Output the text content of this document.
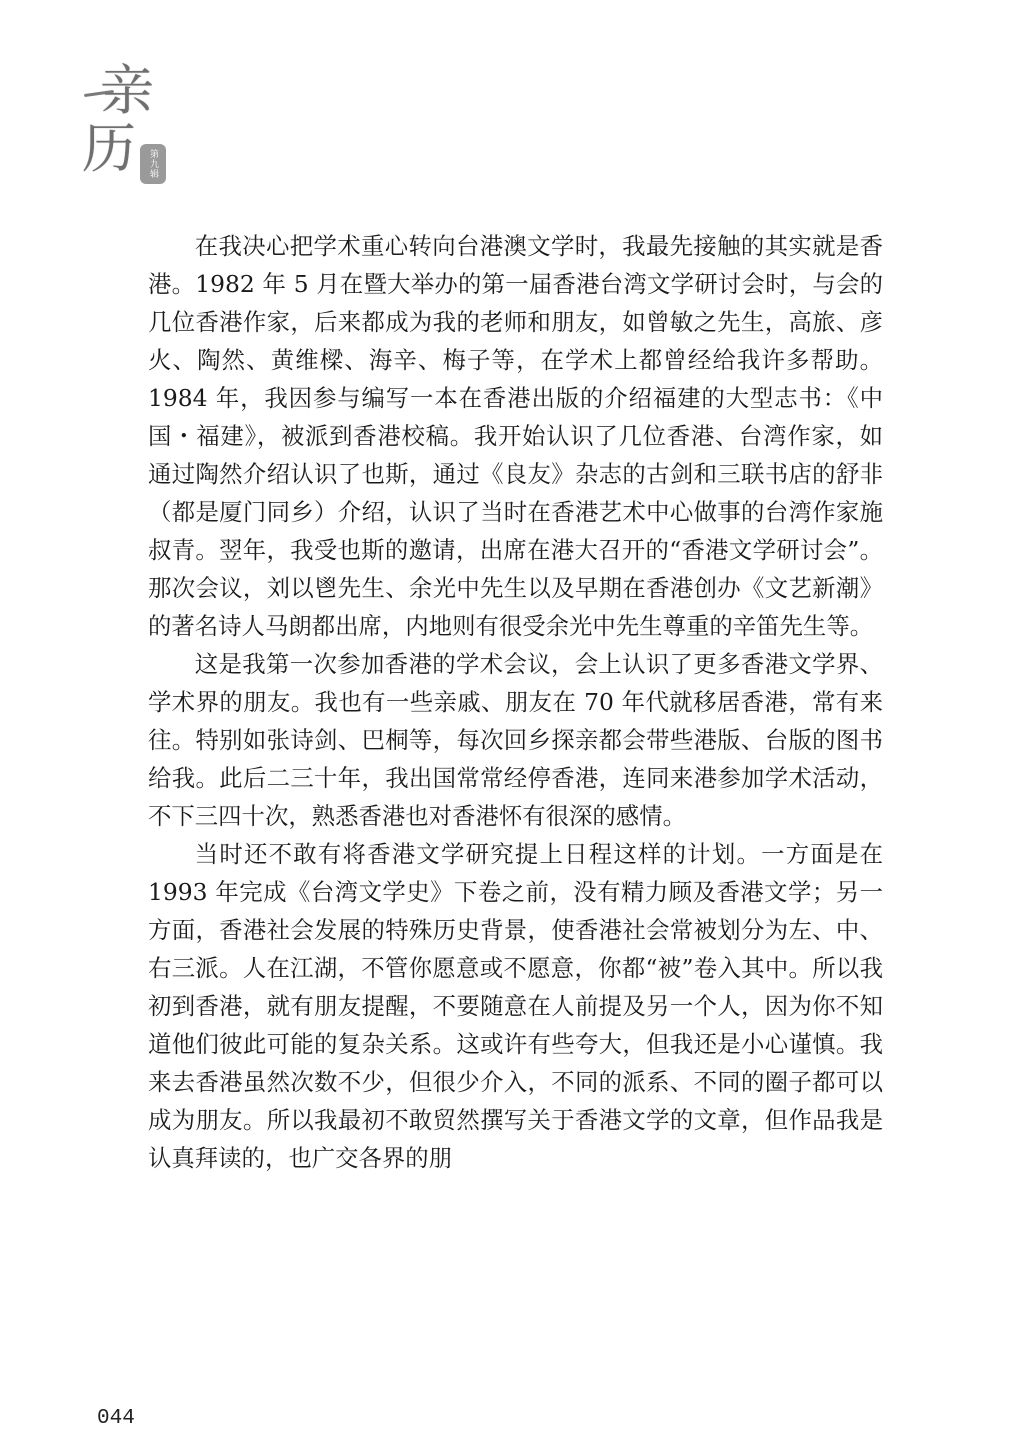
亲
历	第九辑

在我决心把学术重心转向台港澳文学时，我最先接触的其实就是香港。1982 年 5 月在暨大举办的第一届香港台湾文学研讨会时，与会的几位香港作家，后来都成为我的老师和朋友，如曾敏之先生，高旅、彦火、陶然、黄维樑、海辛、梅子等，在学术上都曾经给我许多帮助。1984 年，我因参与编写一本在香港出版的介绍福建的大型志书：《中国・福建》，被派到香港校稿。我开始认识了几位香港、台湾作家，如通过陶然介绍认识了也斯，通过《良友》杂志的古剑和三联书店的舒非（都是厦门同乡）介绍，认识了当时在香港艺术中心做事的台湾作家施叔青。翌年，我受也斯的邀请，出席在港大召开的“香港文学研讨会”。那次会议，刘以鬯先生、余光中先生以及早期在香港创办《文艺新潮》的著名诗人马朗都出席，内地则有很受余光中先生尊重的辛笛先生等。

这是我第一次参加香港的学术会议，会上认识了更多香港文学界、学术界的朋友。我也有一些亲戚、朋友在 70 年代就移居香港，常有来往。特别如张诗剑、巴桐等，每次回乡探亲都会带些港版、台版的图书给我。此后二三十年，我出国常常经停香港，连同来港参加学术活动，不下三四十次，熟悉香港也对香港怀有很深的感情。

当时还不敢有将香港文学研究提上日程这样的计划。一方面是在 1993 年完成《台湾文学史》下卷之前，没有精力顾及香港文学；另一方面，香港社会发展的特殊历史背景，使香港社会常被划分为左、中、右三派。人在江湖，不管你愿意或不愿意，你都“被”卷入其中。所以我初到香港，就有朋友提醒，不要随意在人前提及另一个人，因为你不知道他们彼此可能的复杂关系。这或许有些夸大，但我还是小心谨慎。我来去香港虽然次数不少，但很少介入，不同的派系、不同的圈子都可以成为朋友。所以我最初不敢贸然撰写关于香港文学的文章，但作品我是认真拜读的，也广交各界的朋

044
